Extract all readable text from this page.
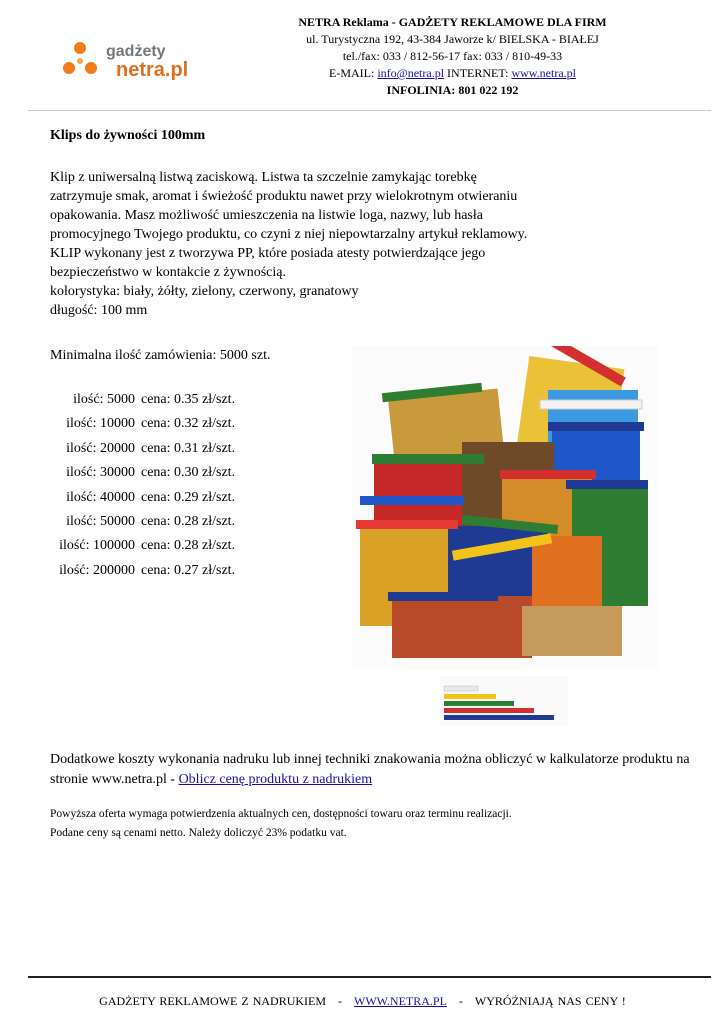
gadżety
netra.pl
NETRA Reklama - GADŻETY REKLAMOWE DLA FIRM
ul. Turystyczna 192, 43-384 Jaworze k/ BIELSKA - BIAŁEJ
tel./fax: 033 / 812-56-17 fax: 033 / 810-49-33
E-MAIL: info@netra.pl INTERNET: www.netra.pl
INFOLINIA: 801 022 192
Klips do żywności 100mm
Klip z uniwersalną listwą zaciskową. Listwa ta szczelnie zamykając torebkę
zatrzymuje smak, aromat i świeżość produktu nawet przy wielokrotnym otwieraniu
opakowania. Masz możliwość umieszczenia na listwie loga, nazwy, lub hasła
promocyjnego Twojego produktu, co czyni z niej niepowtarzalny artykuł reklamowy.
KLIP wykonany jest z tworzywa PP, które posiada atesty potwierdzające jego
bezpieczeństwo w kontakcie z żywnością.
kolorystyka: biały, żółty, zielony, czerwony, granatowy
długość: 100 mm
Minimalna ilość zamówienia: 5000 szt.
ilość: 5000 cena: 0.35 zł/szt.
ilość: 10000 cena: 0.32 zł/szt.
ilość: 20000 cena: 0.31 zł/szt.
ilość: 30000 cena: 0.30 zł/szt.
ilość: 40000 cena: 0.29 zł/szt.
ilość: 50000 cena: 0.28 zł/szt.
ilość: 100000 cena: 0.28 zł/szt.
ilość: 200000 cena: 0.27 zł/szt.
Dodatkowe koszty wykonania nadruku lub innej techniki znakowania można obliczyć w kalkulatorze produktu na stronie www.netra.pl - Oblicz cenę produktu z nadrukiem
Powyższa oferta wymaga potwierdzenia aktualnych cen, dostępności towaru oraz terminu realizacji.
Podane ceny są cenami netto. Należy doliczyć 23% podatku vat.
GADŻETY REKLAMOWE Z NADRUKIEM - WWW.NETRA.PL - WYRÓŻNIAJĄ NAS CENY !
